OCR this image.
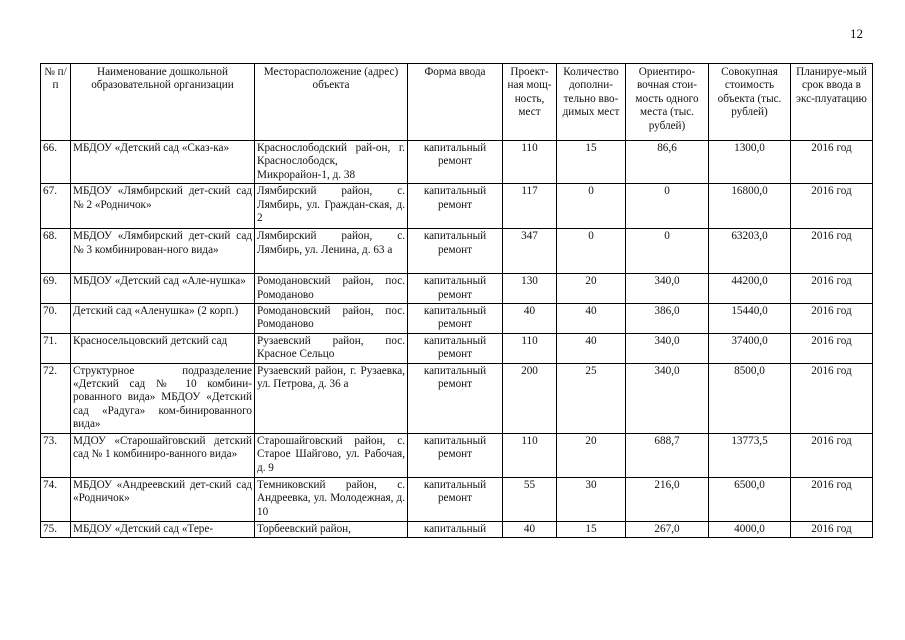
12
№ п/п	Наименование дошкольной образовательной организации	Месторасположение (адрес) объекта	Форма ввода	Проект-ная мощ-ность, мест	Количество дополни-тельно вво-димых мест	Ориентиро-вочная стои-мость одного места (тыс. рублей)	Совокупная стоимость объекта (тыс. рублей)	Планируе-мый срок ввода в экс-плуатацию
66.	МБДОУ «Детский сад «Сказ-ка»	Краснослободский рай-он, г. Краснослободск, Микрорайон-1, д. 38	капитальный ремонт	110	15	86,6	1300,0	2016 год
67.	МБДОУ «Лямбирский дет-ский сад № 2 «Родничок»	Лямбирский район, с. Лямбирь, ул. Граждан-ская, д. 2	капитальный ремонт	117	0	0	16800,0	2016 год
68.	МБДОУ «Лямбирский дет-ский сад № 3 комбинирован-ного вида»	Лямбирский район, с. Лямбирь, ул. Ленина, д. 63 а	капитальный ремонт	347	0	0	63203,0	2016 год
69.	МБДОУ «Детский сад «Але-нушка»	Ромодановский район, пос. Ромоданово	капитальный ремонт	130	20	340,0	44200,0	2016 год
70.	Детский сад «Аленушка» (2 корп.)	Ромодановский район, пос. Ромоданово	капитальный ремонт	40	40	386,0	15440,0	2016 год
71.	Красносельцовский детский сад	Рузаевский район, пос. Красное Сельцо	капитальный ремонт	110	40	340,0	37400,0	2016 год
72.	Структурное подразделение «Детский сад № 10 комбини-рованного вида» МБДОУ «Детский сад «Радуга» ком-бинированного вида»	Рузаевский район, г. Рузаевка, ул. Петрова, д. 36 а	капитальный ремонт	200	25	340,0	8500,0	2016 год
73.	МДОУ «Старошайговский детский сад № 1 комбиниро-ванного вида»	Старошайговский район, с. Старое Шайгово, ул. Рабочая, д. 9	капитальный ремонт	110	20	688,7	13773,5	2016 год
74.	МБДОУ «Андреевский дет-ский сад «Родничок»	Темниковский район, с. Андреевка, ул. Молодежная, д. 10	капитальный ремонт	55	30	216,0	6500,0	2016 год
75.	МБДОУ «Детский сад «Тере-	Торбеевский район,	капитальный	40	15	267,0	4000,0	2016 год
